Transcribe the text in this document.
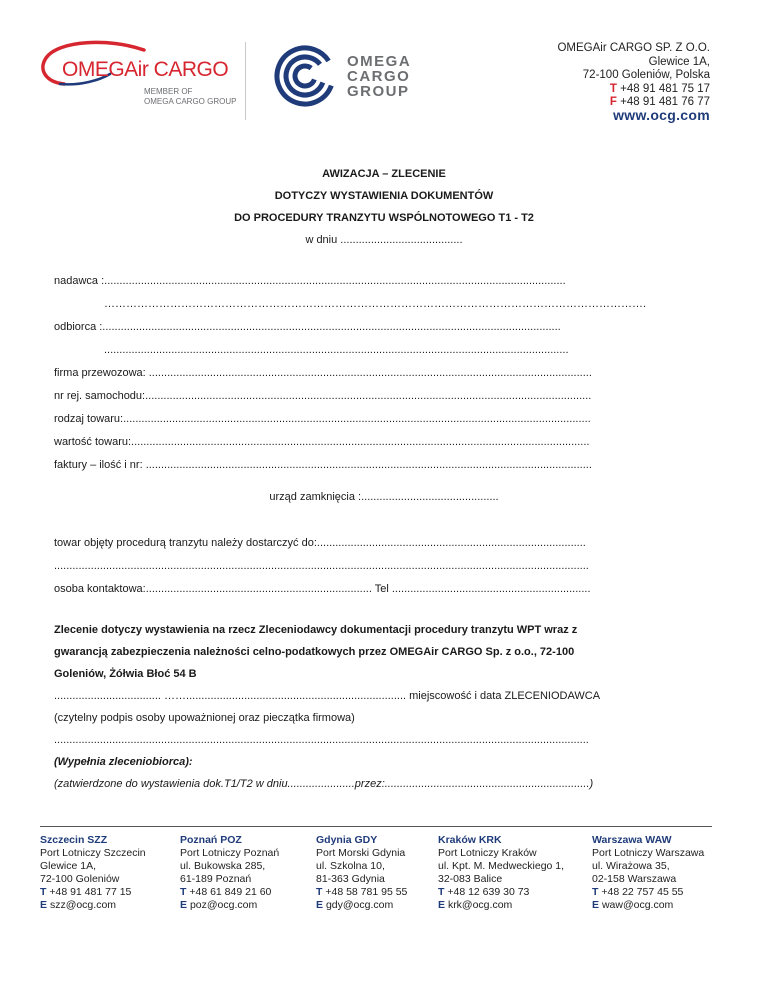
OMEGAir CARGO
MEMBER OF
OMEGA CARGO GROUP
OMEGA
CARGO
GROUP
OMEGAir CARGO SP. Z O.O.
Glewice 1A,
72-100 Goleniów, Polska
T +48 91 481 75 17
F +48 91 481 76 77
www.ocg.com
AWIZACJA – ZLECENIE
DOTYCZY WYSTAWIENIA DOKUMENTÓW
DO PROCEDURY TRANZYTU WSPÓLNOTOWEGO T1 - T2
w dniu ........................................
nadawca :.......................................................................................................................................................
………………………………………………………………………………………………………………………………….
odbiorca :......................................................................................................................................................
........................................................................................................................................................
firma przewozowa: .................................................................................................................................................
nr rej. samochodu:..................................................................................................................................................
rodzaj towaru:.........................................................................................................................................................
wartość towaru:......................................................................................................................................................
faktury – ilość i nr: ..................................................................................................................................................
urząd zamknięcia :.............................................
towar objęty procedurą tranzytu należy dostarczyć do:........................................................................................
...............................................................................................................................................................................
osoba kontaktowa:.......................................................................... Tel .................................................................
Zlecenie dotyczy wystawienia na rzecz Zleceniodawcy dokumentacji procedury tranzytu WPT wraz z
gwarancją zabezpieczenia należności celno-podatkowych przez OMEGAir CARGO Sp. z o.o., 72-100
Goleniów, Żółwia Błoć 54 B
................................... ……........................................................................ miejscowość i data ZLECENIODAWCA
(czytelny podpis osoby upoważnionej oraz pieczątka firmowa)
...............................................................................................................................................................................
(Wypełnia zleceniobiorca):
(zatwierdzone do wystawienia dok.T1/T2 w dniu......................przez:...................................................................)
Szczecin SZZ
Port Lotniczy Szczecin
Glewice 1A,
72-100 Goleniów
T +48 91 481 77 15
E szz@ocg.com
Poznań POZ
Port Lotniczy Poznań
ul. Bukowska 285,
61-189 Poznań
T +48 61 849 21 60
E poz@ocg.com
Gdynia GDY
Port Morski Gdynia
ul. Szkolna 10,
81-363 Gdynia
T +48 58 781 95 55
E gdy@ocg.com
Kraków KRK
Port Lotniczy Kraków
ul. Kpt. M. Medweckiego 1,
32-083 Balice
T +48 12 639 30 73
E krk@ocg.com
Warszawa WAW
Port Lotniczy Warszawa
ul. Wirażowa 35,
02-158 Warszawa
T +48 22 757 45 55
E waw@ocg.com
